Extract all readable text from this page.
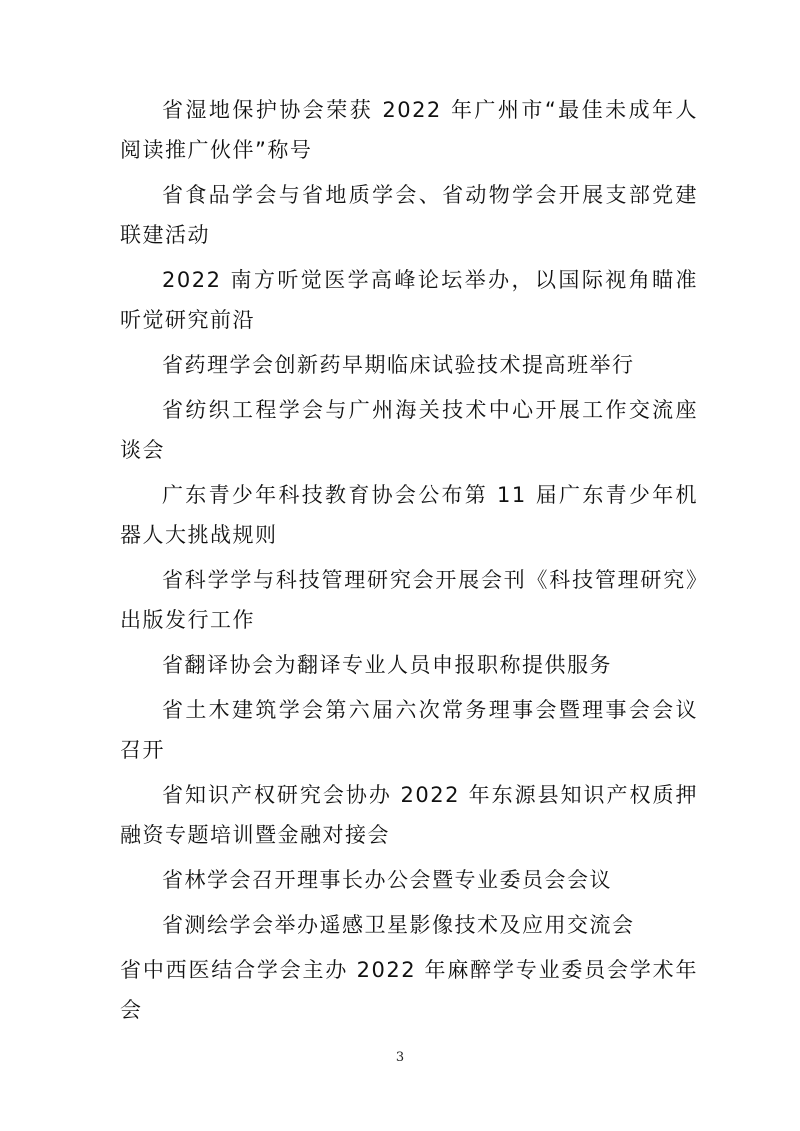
省湿地保护协会荣获 2022 年广州市“最佳未成年人阅读推广伙伴”称号

省食品学会与省地质学会、省动物学会开展支部党建联建活动

2022 南方听觉医学高峰论坛举办，以国际视角瞄准听觉研究前沿

省药理学会创新药早期临床试验技术提高班举行

省纺织工程学会与广州海关技术中心开展工作交流座谈会

广东青少年科技教育协会公布第 11 届广东青少年机器人大挑战规则

省科学学与科技管理研究会开展会刊《科技管理研究》出版发行工作

省翻译协会为翻译专业人员申报职称提供服务

省土木建筑学会第六届六次常务理事会暨理事会会议召开

省知识产权研究会协办 2022 年东源县知识产权质押融资专题培训暨金融对接会

省林学会召开理事长办公会暨专业委员会会议

省测绘学会举办遥感卫星影像技术及应用交流会

省中西医结合学会主办 2022 年麻醉学专业委员会学术年会

3
